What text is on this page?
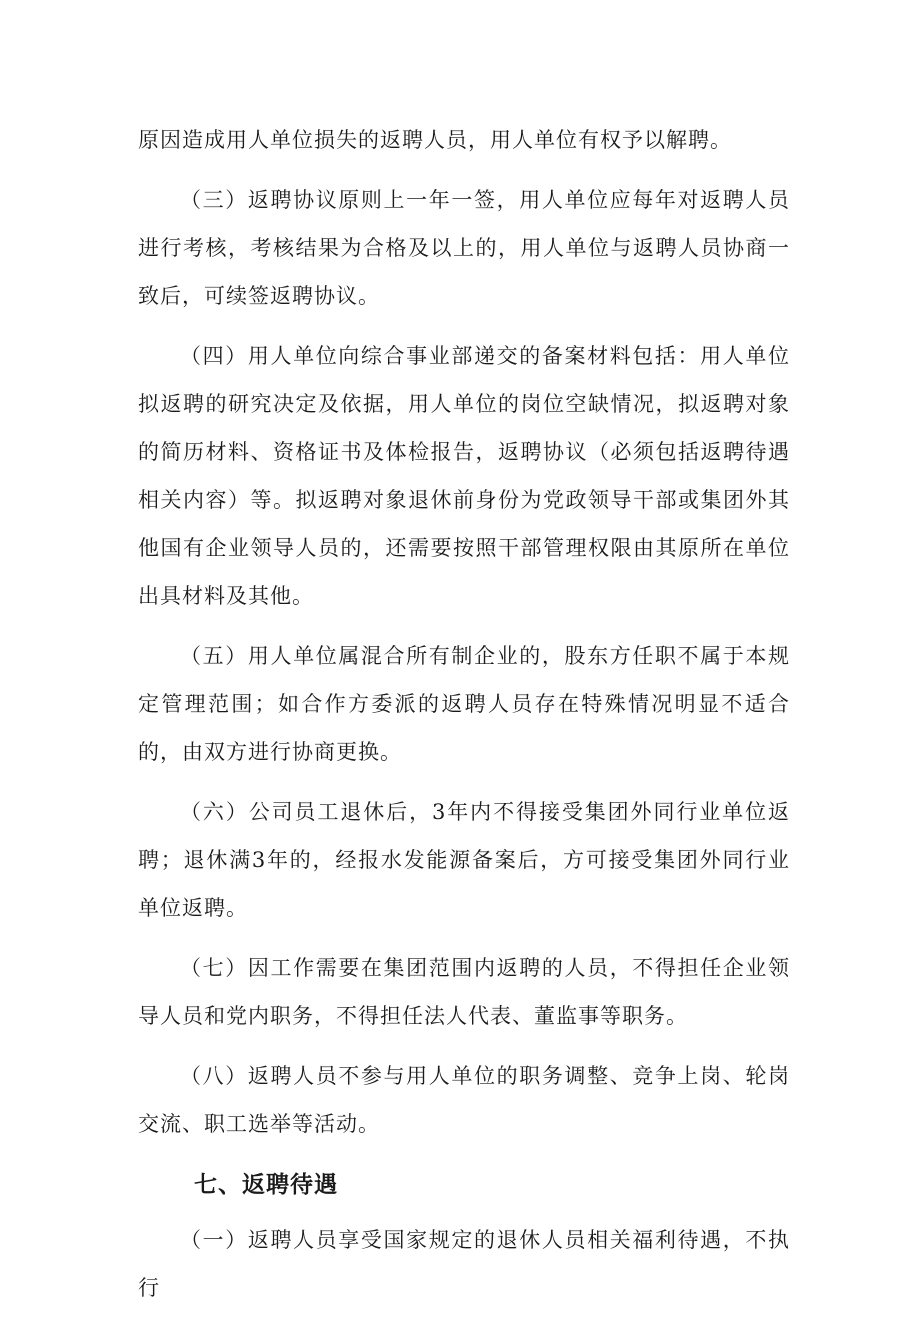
原因造成用人单位损失的返聘人员，用人单位有权予以解聘。

（三）返聘协议原则上一年一签，用人单位应每年对返聘人员进行考核，考核结果为合格及以上的，用人单位与返聘人员协商一致后，可续签返聘协议。

（四）用人单位向综合事业部递交的备案材料包括：用人单位拟返聘的研究决定及依据，用人单位的岗位空缺情况，拟返聘对象的简历材料、资格证书及体检报告，返聘协议（必须包括返聘待遇相关内容）等。拟返聘对象退休前身份为党政领导干部或集团外其他国有企业领导人员的，还需要按照干部管理权限由其原所在单位出具材料及其他。

（五）用人单位属混合所有制企业的，股东方任职不属于本规定管理范围；如合作方委派的返聘人员存在特殊情况明显不适合的，由双方进行协商更换。

（六）公司员工退休后，3年内不得接受集团外同行业单位返聘；退休满3年的，经报水发能源备案后，方可接受集团外同行业单位返聘。

（七）因工作需要在集团范围内返聘的人员，不得担任企业领导人员和党内职务，不得担任法人代表、董监事等职务。

（八）返聘人员不参与用人单位的职务调整、竞争上岗、轮岗交流、职工选举等活动。

七、返聘待遇

（一）返聘人员享受国家规定的退休人员相关福利待遇，不执行
